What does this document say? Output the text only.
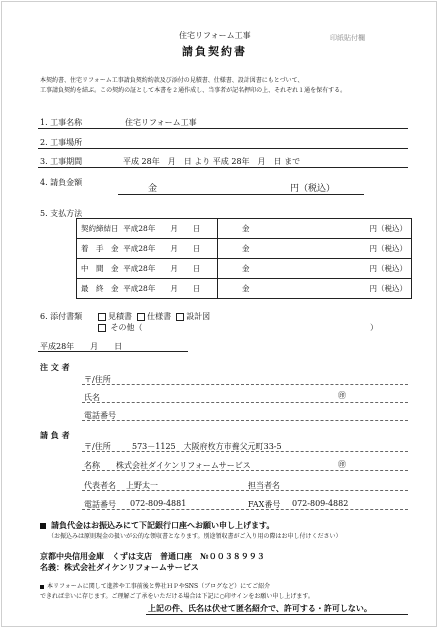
住宅リフォーム工事
請負契約書
印紙貼付欄
本契約書、住宅リフォーム工事請負契約約款及び添付の見積書、仕様書、設計図書にもとづいて、
工事請負契約を結ぶ。この契約の証として本書を２通作成し、当事者が記名押印の上、それぞれ１通を保有する。
1. 工事名称	住宅リフォーム工事
2. 工事場所
3. 工事期間	平成 28年　月　日 より 平成 28年　月　日 まで
4. 請負金額
金	円（税込）
5. 支払方法
契約締結日 平成28年　　月　　日	金 円（税込）

着　手　金 平成28年　　月　　日	金 円（税込）

中　間　金 平成28年　　月　　日	金 円（税込）

最　終　金 平成28年　　月　　日	金 円（税込）
6. 添付書類	見積書 仕様書 設計図
その他（	）
平成28年　　月　　日
注 文 者
〒/住所
氏名	㊞
電話番号
請 負 者
〒/住所	573－1125　大阪府枚方市養父元町33-5
名称 株式会社ダイケンリフォームサービス	㊞
代表者名 上野太一	担当者名
電話番号 072-809-4881	FAX番号 072-809-4882
請負代金はお振込みにて下記銀行口座へお願い申し上げます。
（お振込みは原則現金の扱いが公的な領収書となります。別途領収書がご入り用の際はお申し付けください）
京都中央信用金庫　くずは支店　普通口座　№００３８９９３
名義：株式会社ダイケンリフォームサービス
本リフォームに関して進捗や工事前後と弊社ＨＰやSNS（ブログなど）にてご紹介
できれば幸いに存じます。ご理解ご了承をいただける場合は下記に○印サインをお願い申し上げます。
上記の件、氏名は伏せて匿名紹介で、許可する・許可しない。
